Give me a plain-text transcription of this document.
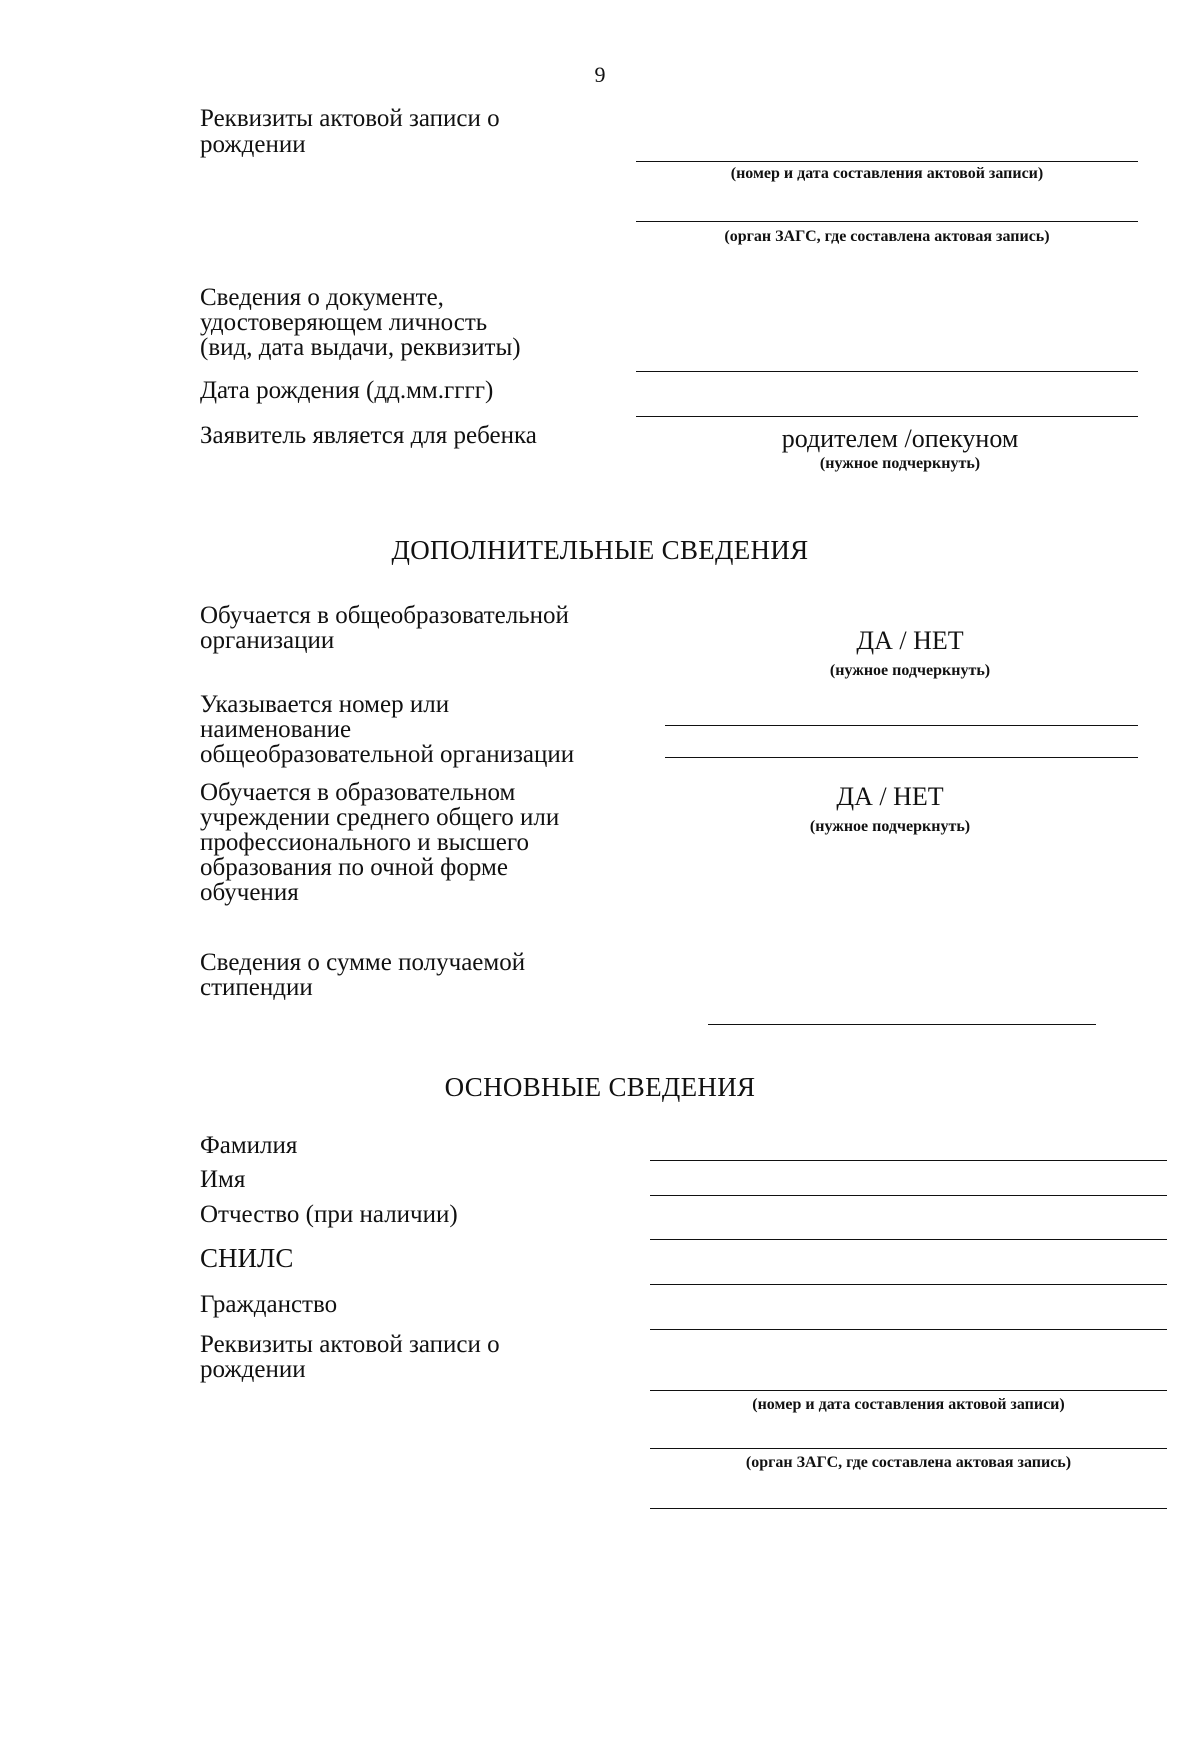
9
Реквизиты актовой записи о
рождении
(номер и дата составления актовой записи)
(орган ЗАГС, где составлена актовая запись)
Сведения о документе,
удостоверяющем личность
(вид, дата выдачи, реквизиты)
Дата рождения (дд.мм.гггг)
Заявитель является для ребенка	родителем /опекуном
(нужное подчеркнуть)
ДОПОЛНИТЕЛЬНЫЕ СВЕДЕНИЯ
Обучается в общеобразовательной
организации	ДА / НЕТ
(нужное подчеркнуть)
Указывается номер или
наименование
общеобразовательной организации
Обучается в образовательном
учреждении среднего общего или
профессионального и высшего
образования по очной форме
обучения
ДА / НЕТ
(нужное подчеркнуть)
Сведения о сумме получаемой
стипендии
ОСНОВНЫЕ СВЕДЕНИЯ
Фамилия
Имя
Отчество (при наличии)
СНИЛС
Гражданство
Реквизиты актовой записи о
рождении
(номер и дата составления актовой записи)
(орган ЗАГС, где составлена актовая запись)
